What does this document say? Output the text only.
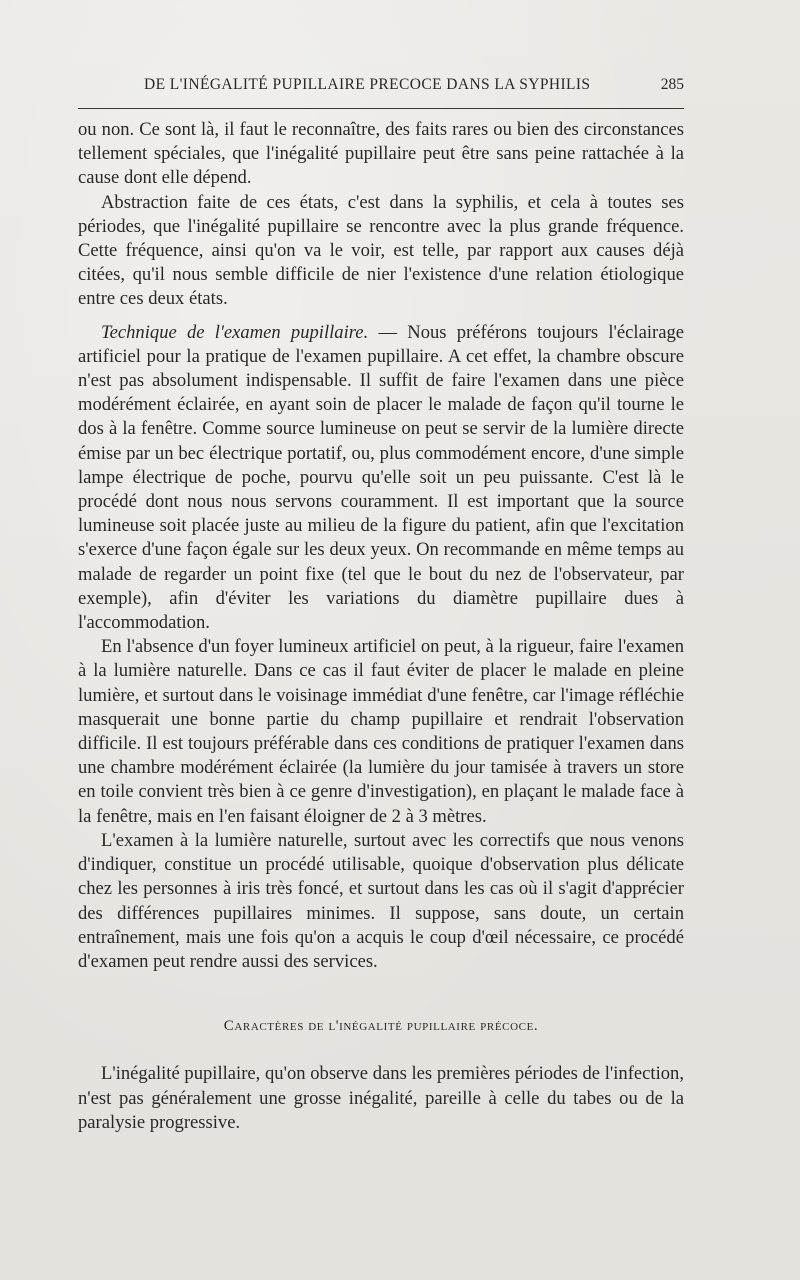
DE L'INÉGALITÉ PUPILLAIRE PRECOCE DANS LA SYPHILIS	285

ou non. Ce sont là, il faut le reconnaître, des faits rares ou bien des circonstances tellement spéciales, que l'inégalité pupillaire peut être sans peine rattachée à la cause dont elle dépend.

Abstraction faite de ces états, c'est dans la syphilis, et cela à toutes ses périodes, que l'inégalité pupillaire se rencontre avec la plus grande fréquence. Cette fréquence, ainsi qu'on va le voir, est telle, par rapport aux causes déjà citées, qu'il nous semble difficile de nier l'existence d'une relation étiologique entre ces deux états.

Technique de l'examen pupillaire. — Nous préférons toujours l'éclairage artificiel pour la pratique de l'examen pupillaire. A cet effet, la chambre obscure n'est pas absolument indispensable. Il suffit de faire l'examen dans une pièce modérément éclairée, en ayant soin de placer le malade de façon qu'il tourne le dos à la fenêtre. Comme source lumineuse on peut se servir de la lumière directe émise par un bec électrique portatif, ou, plus commodément encore, d'une simple lampe électrique de poche, pourvu qu'elle soit un peu puissante. C'est là le procédé dont nous nous servons couramment. Il est important que la source lumineuse soit placée juste au milieu de la figure du patient, afin que l'excitation s'exerce d'une façon égale sur les deux yeux. On recommande en même temps au malade de regarder un point fixe (tel que le bout du nez de l'observateur, par exemple), afin d'éviter les variations du diamètre pupillaire dues à l'accommodation.

En l'absence d'un foyer lumineux artificiel on peut, à la rigueur, faire l'examen à la lumière naturelle. Dans ce cas il faut éviter de placer le malade en pleine lumière, et surtout dans le voisinage immédiat d'une fenêtre, car l'image réfléchie masquerait une bonne partie du champ pupillaire et rendrait l'observation difficile. Il est toujours préférable dans ces conditions de pratiquer l'examen dans une chambre modérément éclairée (la lumière du jour tamisée à travers un store en toile convient très bien à ce genre d'investigation), en plaçant le malade face à la fenêtre, mais en l'en faisant éloigner de 2 à 3 mètres.

L'examen à la lumière naturelle, surtout avec les correctifs que nous venons d'indiquer, constitue un procédé utilisable, quoique d'observation plus délicate chez les personnes à iris très foncé, et surtout dans les cas où il s'agit d'apprécier des différences pupillaires minimes. Il suppose, sans doute, un certain entraînement, mais une fois qu'on a acquis le coup d'œil nécessaire, ce procédé d'examen peut rendre aussi des services.

Caractères de l'inégalité pupillaire précoce.

L'inégalité pupillaire, qu'on observe dans les premières périodes de l'infection, n'est pas généralement une grosse inégalité, pareille à celle du tabes ou de la paralysie progressive.
